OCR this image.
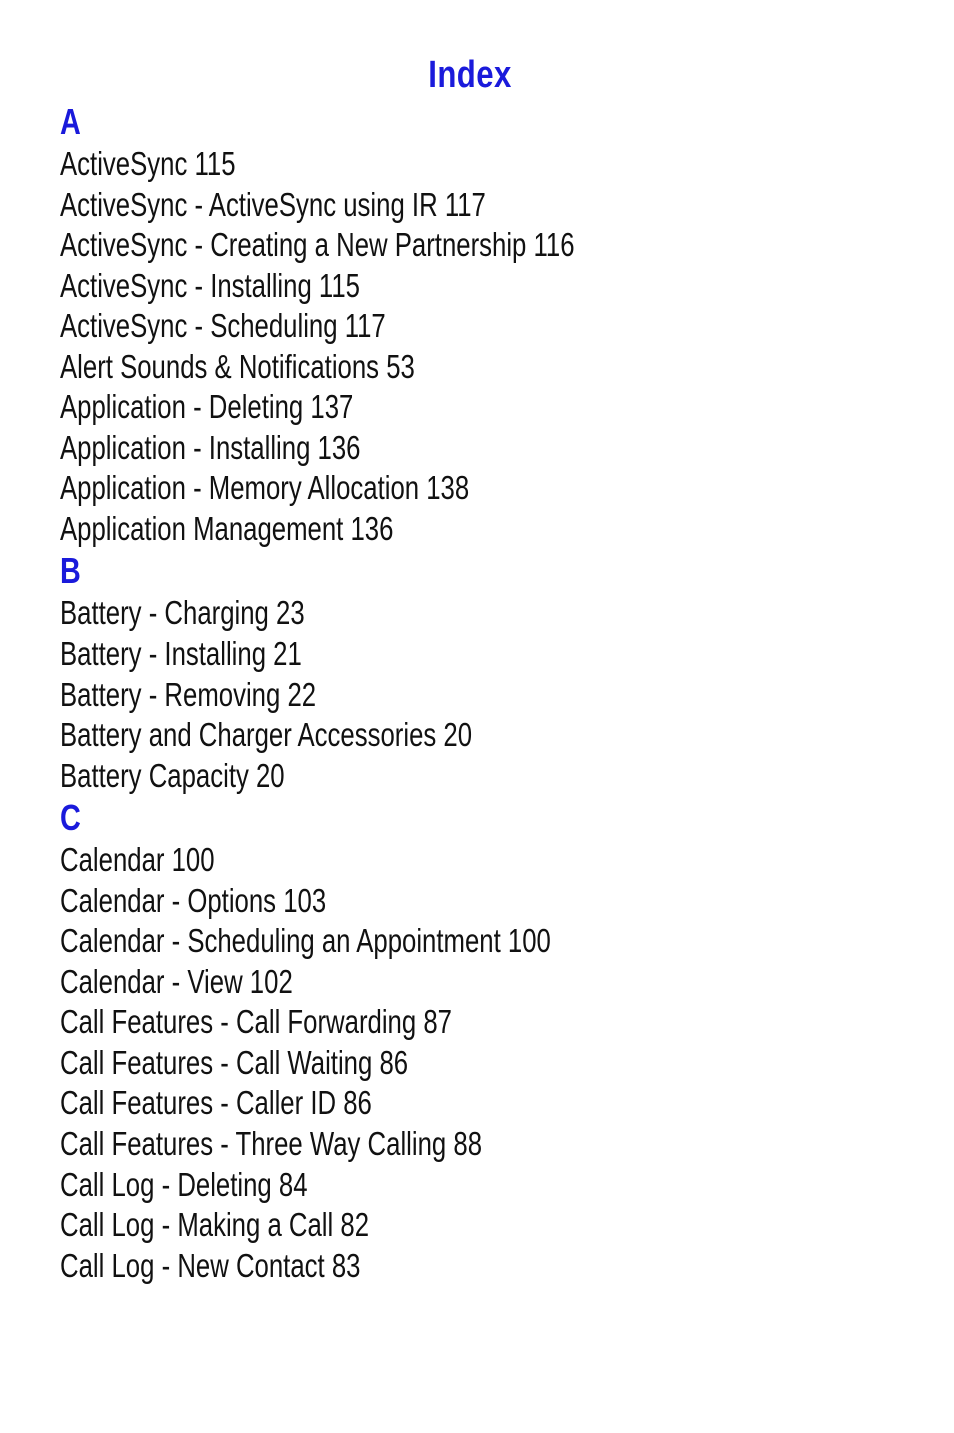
Index
A
ActiveSync 115
ActiveSync - ActiveSync using IR 117
ActiveSync - Creating a New Partnership 116
ActiveSync - Installing 115
ActiveSync - Scheduling 117
Alert Sounds & Notifications 53
Application - Deleting 137
Application - Installing 136
Application - Memory Allocation 138
Application Management 136
B
Battery - Charging 23
Battery - Installing 21
Battery - Removing 22
Battery and Charger Accessories 20
Battery Capacity 20
C
Calendar 100
Calendar - Options 103
Calendar - Scheduling an Appointment 100
Calendar - View 102
Call Features - Call Forwarding 87
Call Features - Call Waiting 86
Call Features - Caller ID 86
Call Features - Three Way Calling 88
Call Log - Deleting 84
Call Log - Making a Call 82
Call Log - New Contact 83
